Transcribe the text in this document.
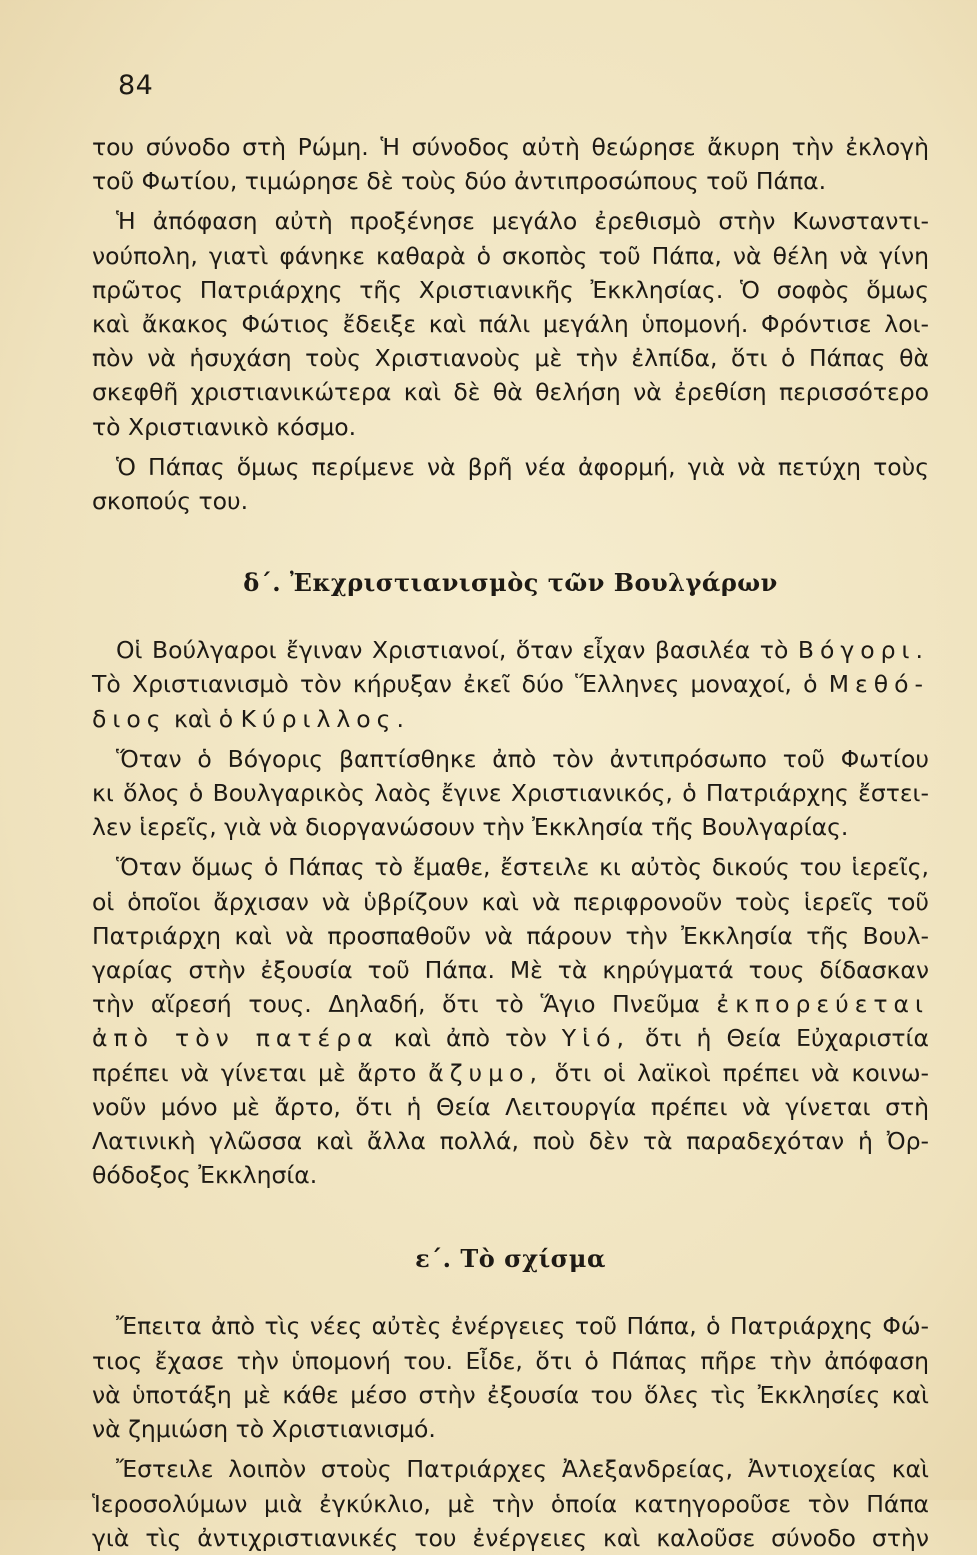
84
του σύνοδο στὴ Ρώμη. Ἡ σύνοδος αὐτὴ θεώρησε ἄκυρη τὴν ἐκλογὴ
τοῦ Φωτίου, τιμώρησε δὲ τοὺς δύο ἀντιπροσώπους τοῦ Πάπα.
Ἡ ἀπόφαση αὐτὴ προξένησε μεγάλο ἐρεθισμὸ στὴν Κωνσταντι-
νούπολη, γιατὶ φάνηκε καθαρὰ ὁ σκοπὸς τοῦ Πάπα, νὰ θέλη νὰ γίνη
πρῶτος Πατριάρχης τῆς Χριστιανικῆς Ἐκκλησίας. Ὁ σοφὸς ὅμως
καὶ ἄκακος Φώτιος ἔδειξε καὶ πάλι μεγάλη ὑπομονή. Φρόντισε λοι-
πὸν νὰ ἡσυχάση τοὺς Χριστιανοὺς μὲ τὴν ἐλπίδα, ὅτι ὁ Πάπας θὰ
σκεφθῆ χριστιανικώτερα καὶ δὲ θὰ θελήση νὰ ἐρεθίση περισσότερο
τὸ Χριστιανικὸ κόσμο.
Ὁ Πάπας ὅμως περίμενε νὰ βρῆ νέα ἀφορμή, γιὰ νὰ πετύχη τοὺς
σκοπούς του.
δ΄. Ἐκχριστιανισμὸς τῶν Βουλγάρων
Οἱ Βούλγαροι ἔγιναν Χριστιανοί, ὅταν εἶχαν βασιλέα τὸ Βόγορι.
Τὸ Χριστιανισμὸ τὸν κήρυξαν ἐκεῖ δύο Ἕλληνες μοναχοί, ὁ Μεθό-
διος καὶ ὁ Κύριλλος.
Ὅταν ὁ Βόγορις βαπτίσθηκε ἀπὸ τὸν ἀντιπρόσωπο τοῦ Φωτίου
κι ὅλος ὁ Βουλγαρικὸς λαὸς ἔγινε Χριστιανικός, ὁ Πατριάρχης ἔστει-
λεν ἱερεῖς, γιὰ νὰ διοργανώσουν τὴν Ἐκκλησία τῆς Βουλγαρίας.
Ὅταν ὅμως ὁ Πάπας τὸ ἔμαθε, ἔστειλε κι αὐτὸς δικούς του ἱερεῖς,
οἱ ὁποῖοι ἄρχισαν νὰ ὑβρίζουν καὶ νὰ περιφρονοῦν τοὺς ἱερεῖς τοῦ
Πατριάρχη καὶ νὰ προσπαθοῦν νὰ πάρουν τὴν Ἐκκλησία τῆς Βουλ-
γαρίας στὴν ἐξουσία τοῦ Πάπα. Μὲ τὰ κηρύγματά τους δίδασκαν
τὴν αἵρεσή τους. Δηλαδή, ὅτι τὸ Ἅγιο Πνεῦμα ἐκπορεύεται
ἀπὸ τὸν πατέρα καὶ ἀπὸ τὸν Υἱό, ὅτι ἡ Θεία Εὐχαριστία
πρέπει νὰ γίνεται μὲ ἄρτο ἄζυμο, ὅτι οἱ λαϊκοὶ πρέπει νὰ κοινω-
νοῦν μόνο μὲ ἄρτο, ὅτι ἡ Θεία Λειτουργία πρέπει νὰ γίνεται στὴ
Λατινικὴ γλῶσσα καὶ ἄλλα πολλά, ποὺ δὲν τὰ παραδεχόταν ἡ Ὀρ-
θόδοξος Ἐκκλησία.
ε΄. Τὸ σχίσμα
Ἔπειτα ἀπὸ τὶς νέες αὐτὲς ἐνέργειες τοῦ Πάπα, ὁ Πατριάρχης Φώ-
τιος ἔχασε τὴν ὑπομονή του. Εἶδε, ὅτι ὁ Πάπας πῆρε τὴν ἀπόφαση
νὰ ὑποτάξη μὲ κάθε μέσο στὴν ἐξουσία του ὅλες τὶς Ἐκκλησίες καὶ
νὰ ζημιώση τὸ Χριστιανισμό.
Ἔστειλε λοιπὸν στοὺς Πατριάρχες Ἀλεξανδρείας, Ἀντιοχείας καὶ
Ἱεροσολύμων μιὰ ἐγκύκλιο, μὲ τὴν ὁποία κατηγοροῦσε τὸν Πάπα
γιὰ τὶς ἀντιχριστιανικές του ἐνέργειες καὶ καλοῦσε σύνοδο στὴν
